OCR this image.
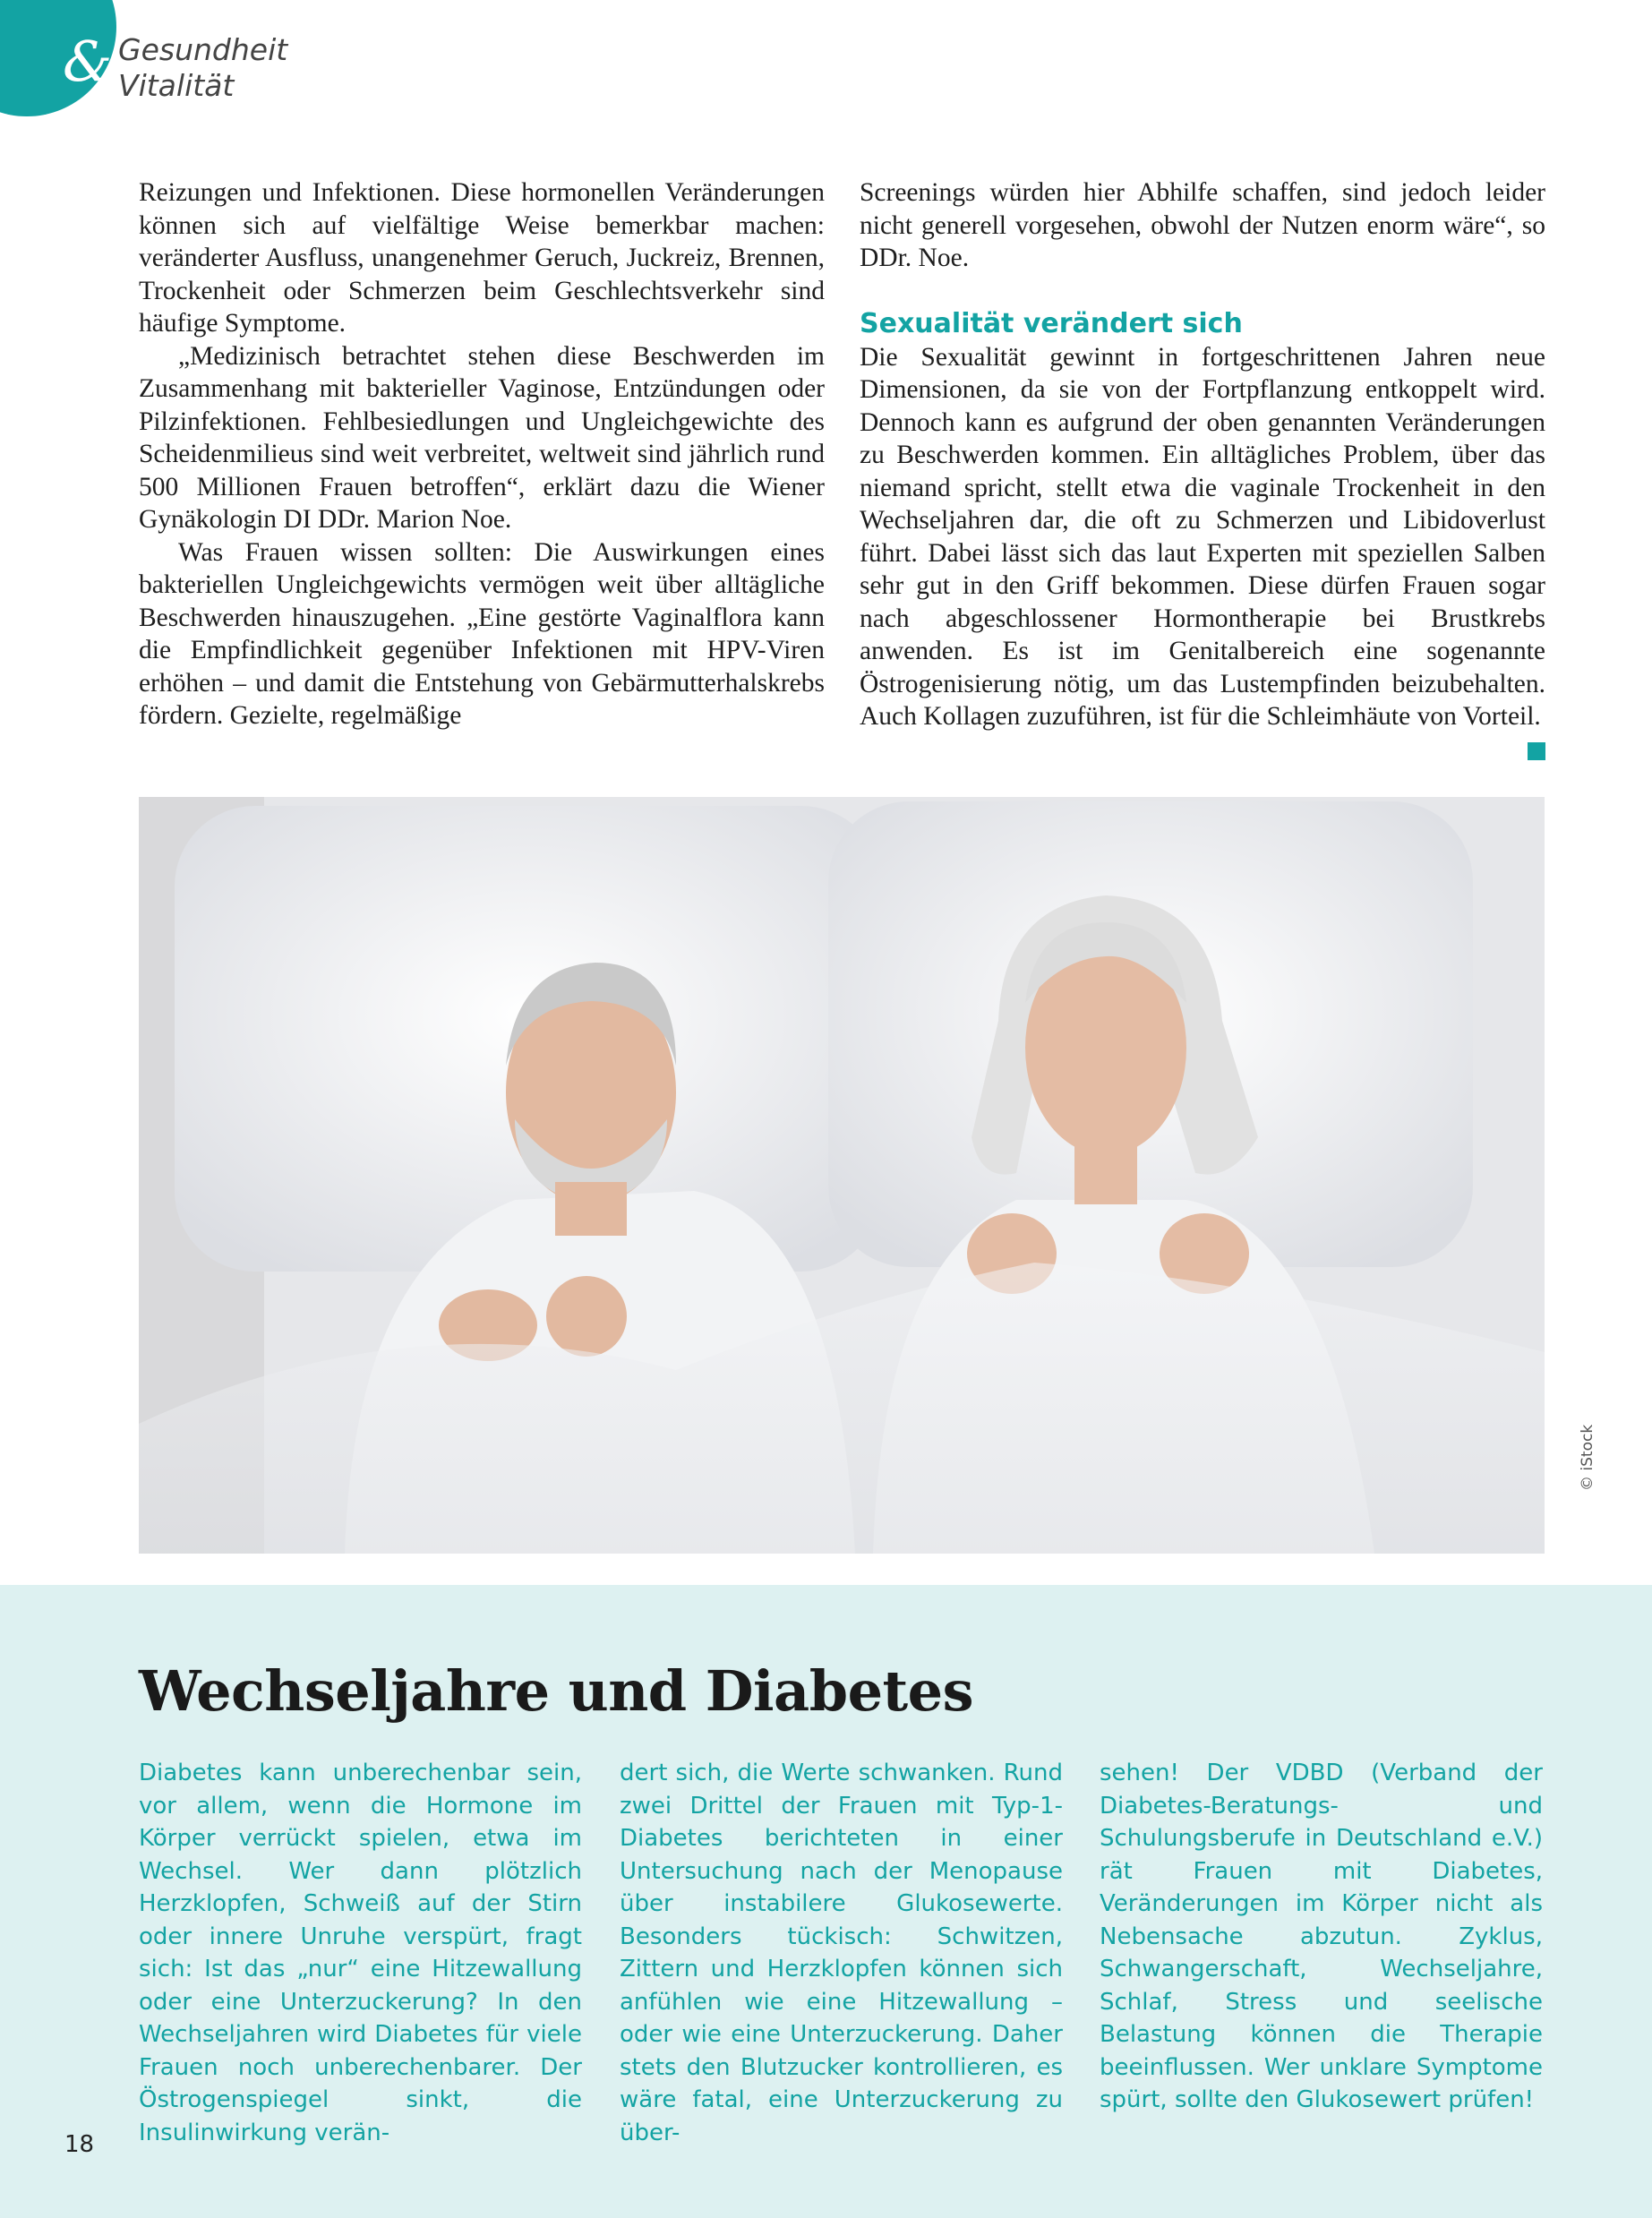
& Gesundheit
Vitalität

Reizungen und Infektionen. Diese hormonellen Veränderungen können sich auf vielfältige Weise bemerkbar machen: veränderter Ausfluss, unangenehmer Geruch, Juckreiz, Brennen, Trockenheit oder Schmerzen beim Geschlechtsverkehr sind häufige Symptome.

„Medizinisch betrachtet stehen diese Beschwerden im Zusammenhang mit bakterieller Vaginose, Entzündungen oder Pilzinfektionen. Fehlbesiedlungen und Ungleichgewichte des Scheidenmilieus sind weit verbreitet, weltweit sind jährlich rund 500 Millionen Frauen betroffen“, erklärt dazu die Wiener Gynäkologin DI DDr. Marion Noe.

Was Frauen wissen sollten: Die Auswirkungen eines bakteriellen Ungleichgewichts vermögen weit über alltägliche Beschwerden hinauszugehen. „Eine gestörte Vaginalflora kann die Empfindlichkeit gegenüber Infektionen mit HPV-Viren erhöhen – und damit die Entstehung von Gebärmutterhalskrebs fördern. Gezielte, regelmäßige

Screenings würden hier Abhilfe schaffen, sind jedoch leider nicht generell vorgesehen, obwohl der Nutzen enorm wäre“, so DDr. Noe.

Sexualität verändert sich

Die Sexualität gewinnt in fortgeschrittenen Jahren neue Dimensionen, da sie von der Fortpflanzung entkoppelt wird. Dennoch kann es aufgrund der oben genannten Veränderungen zu Beschwerden kommen. Ein alltägliches Problem, über das niemand spricht, stellt etwa die vaginale Trockenheit in den Wechseljahren dar, die oft zu Schmerzen und Libidoverlust führt. Dabei lässt sich das laut Experten mit speziellen Salben sehr gut in den Griff bekommen. Diese dürfen Frauen sogar nach abgeschlossener Hormontherapie bei Brustkrebs anwenden. Es ist im Genitalbereich eine sogenannte Östrogenisierung nötig, um das Lustempfinden beizubehalten. Auch Kollagen zuzuführen, ist für die Schleimhäute von Vorteil.

© iStock
Wechseljahre und Diabetes

Diabetes kann unberechenbar sein, vor allem, wenn die Hormone im Körper verrückt spielen, etwa im Wechsel. Wer dann plötzlich Herzklopfen, Schweiß auf der Stirn oder innere Unruhe verspürt, fragt sich: Ist das „nur“ eine Hitzewallung oder eine Unterzuckerung? In den Wechseljahren wird Diabetes für viele Frauen noch unberechenbarer. Der Östrogenspiegel sinkt, die Insulinwirkung verän-

dert sich, die Werte schwanken. Rund zwei Drittel der Frauen mit Typ-1-Diabetes berichteten in einer Untersuchung nach der Menopause über instabilere Glukosewerte. Besonders tückisch: Schwitzen, Zittern und Herzklopfen können sich anfühlen wie eine Hitzewallung – oder wie eine Unterzuckerung. Daher stets den Blutzucker kontrollieren, es wäre fatal, eine Unterzuckerung zu über-

sehen! Der VDBD (Verband der Diabetes-Beratungs- und Schulungsberufe in Deutschland e.V.) rät Frauen mit Diabetes, Veränderungen im Körper nicht als Nebensache abzutun. Zyklus, Schwangerschaft, Wechseljahre, Schlaf, Stress und seelische Belastung können die Therapie beeinflussen. Wer unklare Symptome spürt, sollte den Glukosewert prüfen!

18
